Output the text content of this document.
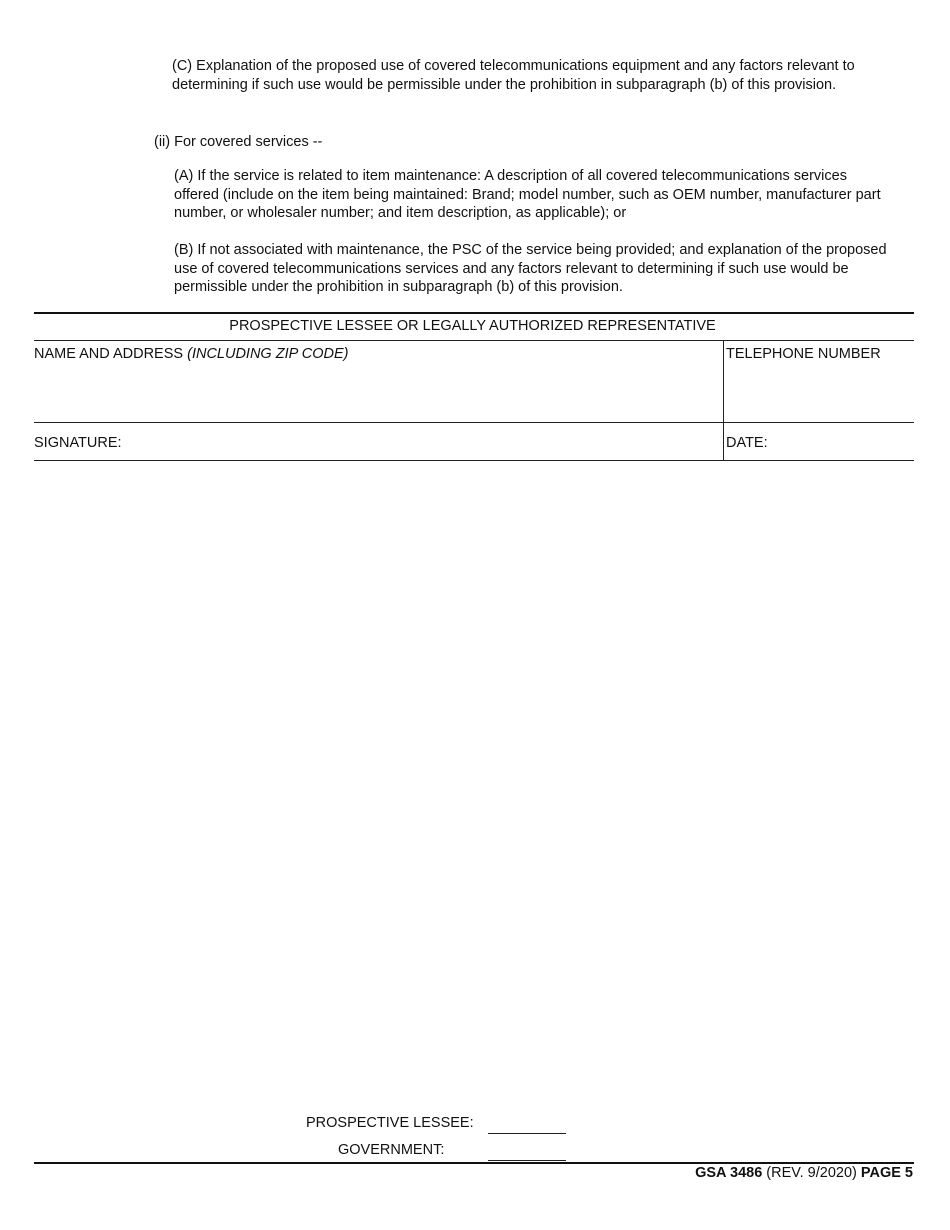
(C) Explanation of the proposed use of covered telecommunications equipment and any factors relevant to determining if such use would be permissible under the prohibition in subparagraph (b) of this provision.

(ii) For covered services --

(A) If the service is related to item maintenance: A description of all covered telecommunications services offered (include on the item being maintained: Brand; model number, such as OEM number, manufacturer part number, or wholesaler number; and item description, as applicable); or

(B) If not associated with maintenance, the PSC of the service being provided; and explanation of the proposed use of covered telecommunications services and any factors relevant to determining if such use would be permissible under the prohibition in subparagraph (b) of this provision.

PROSPECTIVE LESSEE OR LEGALLY AUTHORIZED REPRESENTATIVE
NAME AND ADDRESS (INCLUDING ZIP CODE)	TELEPHONE NUMBER
SIGNATURE:	DATE:
PROSPECTIVE LESSEE:
GOVERNMENT:
GSA 3486 (REV. 9/2020) PAGE 5
